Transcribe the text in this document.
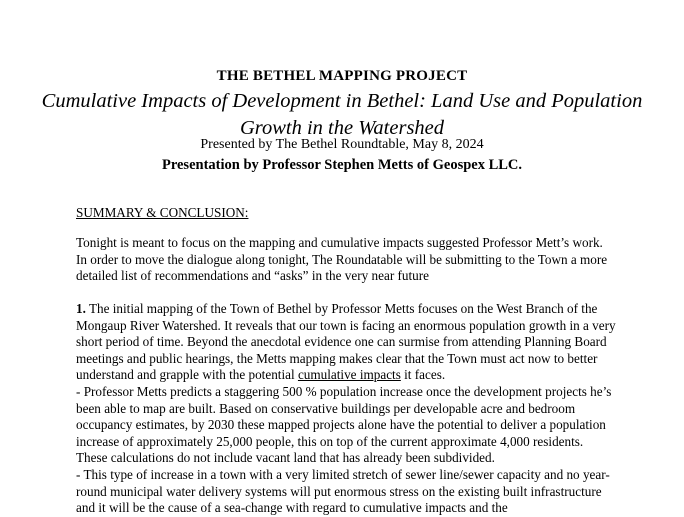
THE BETHEL MAPPING PROJECT
Cumulative Impacts of Development in Bethel: Land Use and Population Growth in the Watershed
Presented by The Bethel Roundtable, May 8, 2024
Presentation by Professor Stephen Metts of Geospex LLC.
SUMMARY & CONCLUSION:

Tonight is meant to focus on the mapping and cumulative impacts suggested Professor Mett’s work. In order to move the dialogue along tonight, The Roundatable will be submitting to the Town a more detailed list of recommendations and “asks” in the very near future

1. The initial mapping of the Town of Bethel by Professor Metts focuses on the West Branch of the Mongaup River Watershed. It reveals that our town is facing an enormous population growth in a very short period of time. Beyond the anecdotal evidence one can surmise from attending Planning Board meetings and public hearings, the Metts mapping makes clear that the Town must act now to better understand and grapple with the potential cumulative impacts it faces.

- Professor Metts predicts a staggering 500 % population increase once the development projects he’s been able to map are built. Based on conservative buildings per developable acre and bedroom occupancy estimates, by 2030 these mapped projects alone have the potential to deliver a population increase of approximately 25,000 people, this on top of the current approximate 4,000 residents. These calculations do not include vacant land that has already been subdivided.

- This type of increase in a town with a very limited stretch of sewer line/sewer capacity and no year-round municipal water delivery systems will put enormous stress on the existing built infrastructure and it will be the cause of a sea-change with regard to cumulative impacts and the
